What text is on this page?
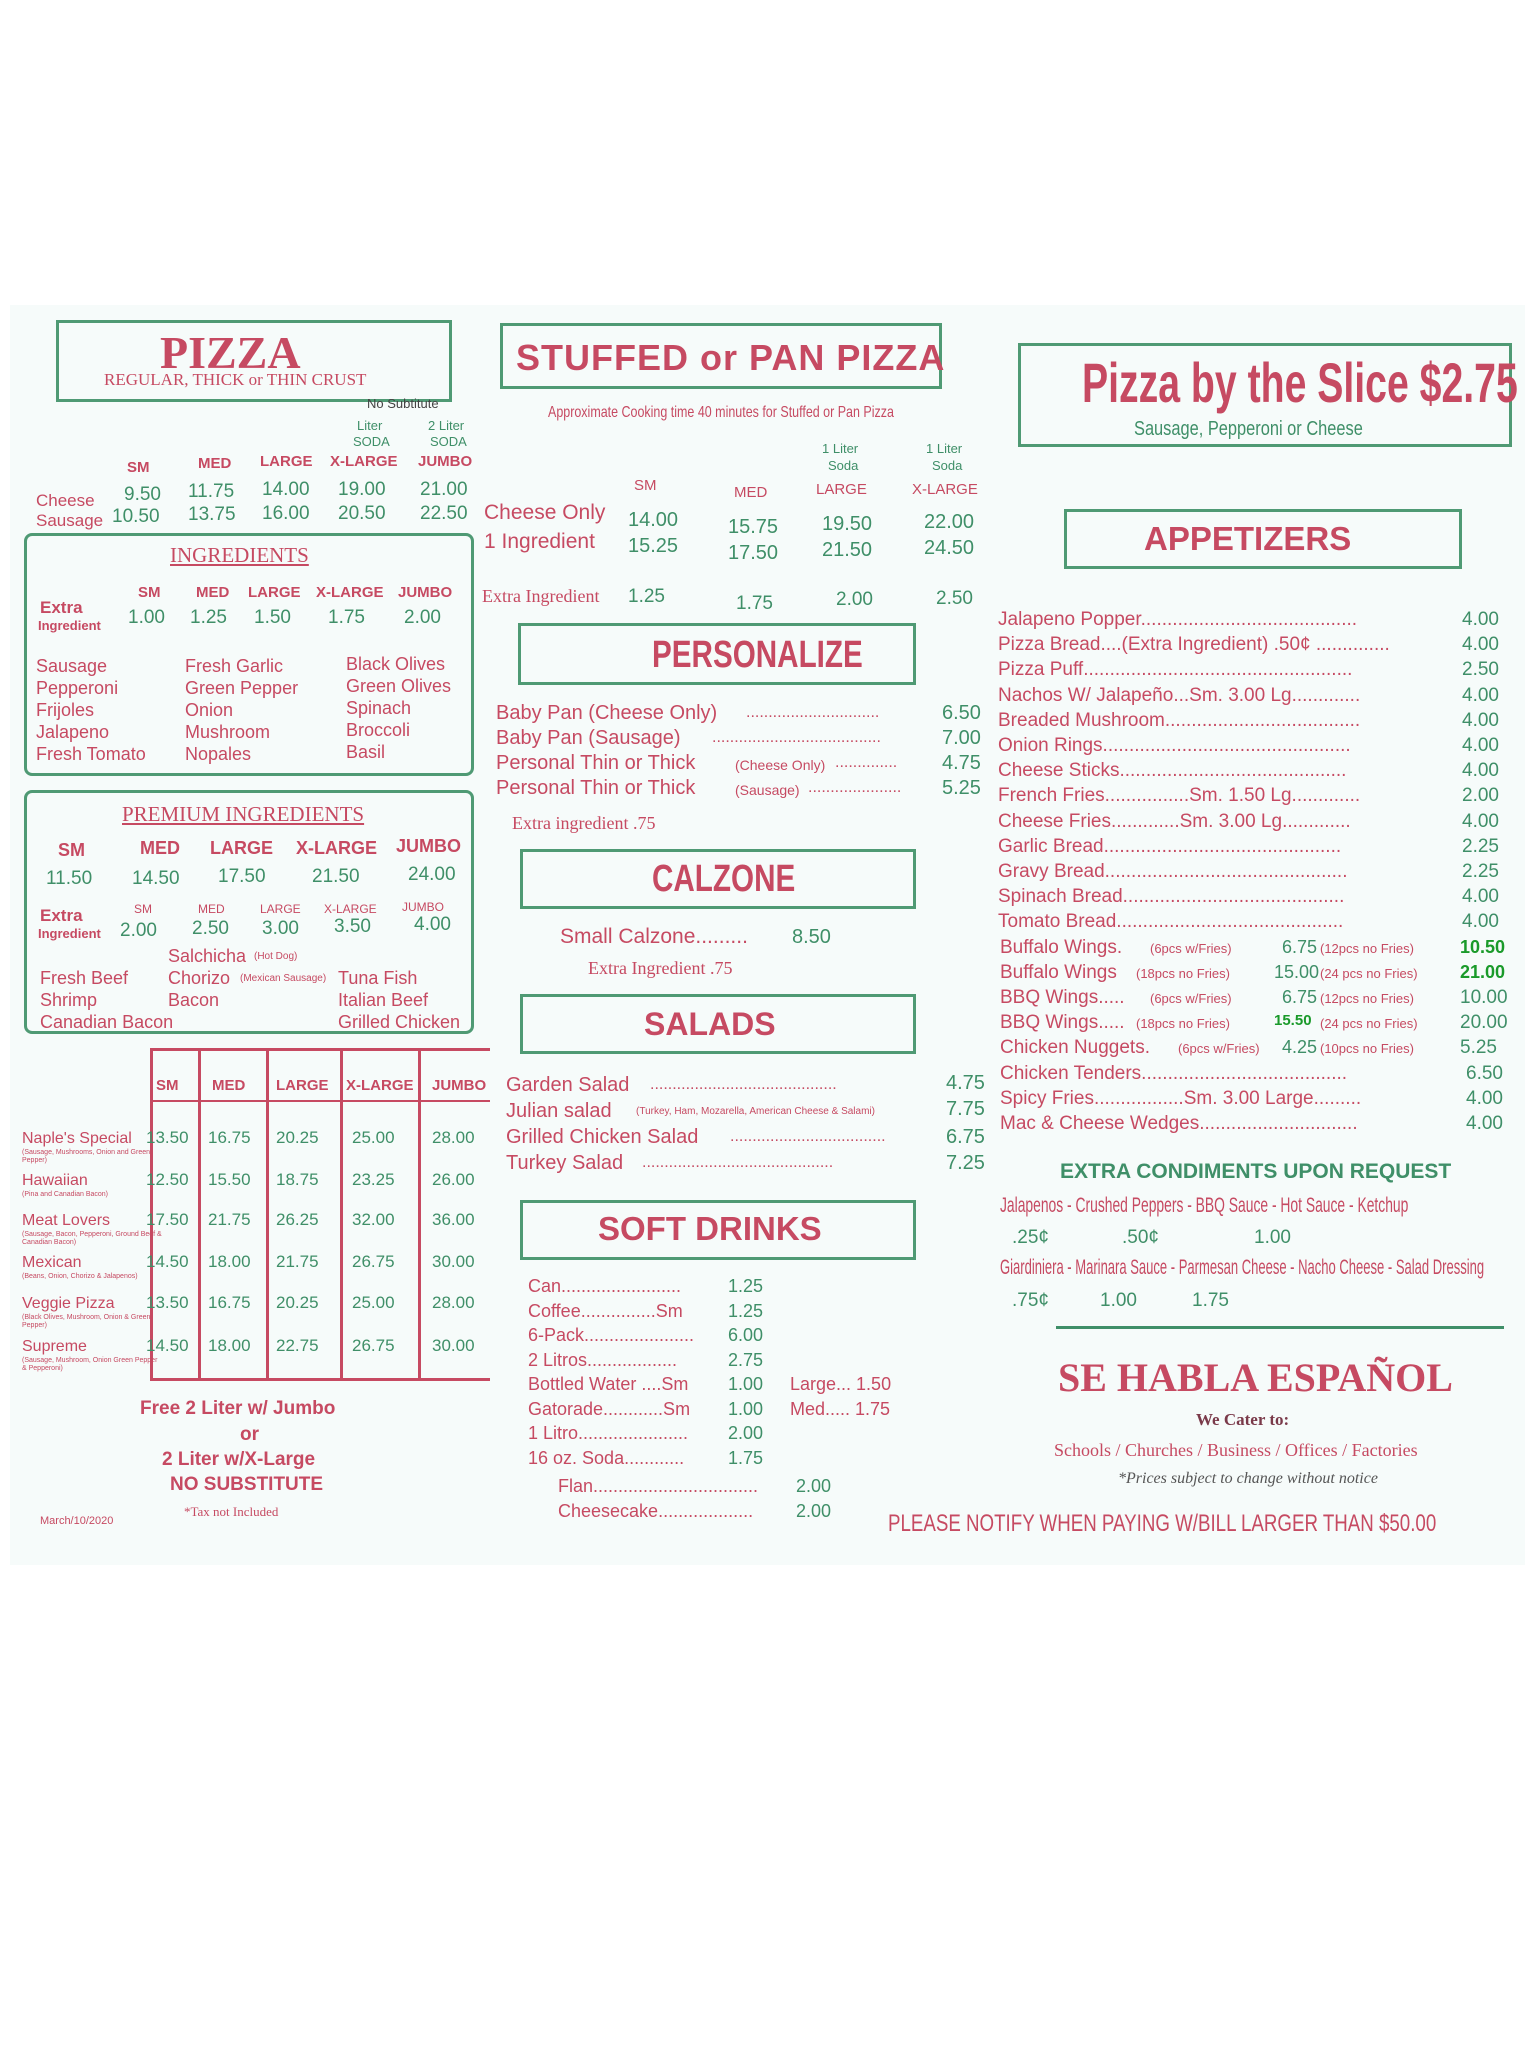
PIZZA
REGULAR, THICK or THIN CRUST
No Subtitute
Liter
SODA
2 Liter
SODA
SM	MED LARGE X-LARGE JUMBO
Cheese 9.50 11.75 14.00 19.00 21.00
Sausage 10.50 13.75 16.00 20.50 22.50
INGREDIENTS
SM MED LARGE X-LARGE JUMBO
Extra
Ingredient 1.00 1.25 1.50 1.75 2.00
Sausage
Pepperoni
Frijoles
Jalapeno
Fresh Tomato
Fresh Garlic
Green Pepper
Onion
Mushroom
Nopales
Black Olives
Green Olives
Spinach
Broccoli
Basil
PREMIUM INGREDIENTS
SM	MED LARGE X-LARGE JUMBO
11.50 14.50 17.50 21.50	24.00
Extra
Ingredient
SM	MED	LARGE X-LARGE JUMBO
2.00 2.50 3.00 3.50 4.00
Salchicha (Hot Dog)
Fresh Beef
Shrimp
Canadian Bacon
Chorizo (Mexican Sausage)
Bacon
Tuna Fish
Italian Beef
Grilled Chicken
SM MED LARGE X-LARGE JUMBO
Naple's Special
(Sausage, Mushrooms, Onion and Green Pepper)
13.50 16.75 20.25 25.00 28.00
Hawaiian
(Pina and Canadian Bacon)
12.50 15.50 18.75 23.25 26.00
Meat Lovers
(Sausage, Bacon, Pepperoni, Ground Beef & Canadian Bacon)
17.50 21.75 26.25 32.00 36.00
Mexican
(Beans, Onion, Chorizo & Jalapenos)
14.50 18.00 21.75 26.75 30.00
Veggie Pizza
(Black Olives, Mushroom, Onion & Green Pepper)
13.50 16.75 20.25 25.00 28.00
Supreme
(Sausage, Mushroom, Onion Green Pepper & Pepperoni)
14.50 18.00 22.75 26.75 30.00
Free 2 Liter w/ Jumbo
or
2 Liter w/X-Large
NO SUBSTITUTE
*Tax not Included
March/10/2020
STUFFED or PAN PIZZA
Approximate Cooking time 40 minutes for Stuffed or Pan Pizza
1 Liter
Soda
1 Liter
Soda
SM	MED	LARGE	X-LARGE
Cheese Only 14.00 15.75 19.50	22.00
1 Ingredient 15.25 17.50 21.50	24.50
Extra Ingredient 1.25	1.75	2.00	2.50
PERSONALIZE
Baby Pan (Cheese Only) ..............................	6.50
Baby Pan (Sausage) ......................................	7.00
Personal Thin or Thick	(Cheese Only) .............. 4.75
Personal Thin or Thick	(Sausage) ..................... 5.25
Extra ingredient .75
CALZONE
Small Calzone......... 8.50
Extra Ingredient .75
SALADS
Garden Salad ..........................................	4.75
Julian salad (Turkey, Ham, Mozarella, American Cheese & Salami)	7.75
Grilled Chicken Salad ...................................	6.75
Turkey Salad ...........................................	7.25
SOFT DRINKS
Can........................	1.25
Coffee...............Sm	1.25
6-Pack...................... 6.00
2 Litros..................	2.75
Bottled Water ....Sm 1.00 Large... 1.50
Gatorade............Sm 1.00 Med..... 1.75
1 Litro...................... 2.00
16 oz. Soda............ 1.75
Flan................................. 2.00
Cheesecake................... 2.00
Pizza by the Slice $2.75
Sausage, Pepperoni or Cheese
APPETIZERS
Jalapeno Popper.........................................	4.00
Pizza Bread....(Extra Ingredient) .50¢ ..............	4.00
Pizza Puff...................................................	2.50
Nachos W/ Jalapeño...Sm. 3.00 Lg.............	4.00
Breaded Mushroom.....................................	4.00
Onion Rings...............................................	4.00
Cheese Sticks...........................................	4.00
French Fries................Sm. 1.50 Lg.............	2.00
Cheese Fries.............Sm. 3.00 Lg.............	4.00
Garlic Bread.............................................	2.25
Gravy Bread..............................................	2.25
Spinach Bread..........................................	4.00
Tomato Bread...........................................	4.00
Buffalo Wings. (6pcs w/Fries)	6.75 (12pcs no Fries)	10.50
Buffalo Wings (18pcs no Fries) 15.00 (24 pcs no Fries) 21.00
BBQ Wings..... (6pcs w/Fries)	6.75 (12pcs no Fries) 10.00
BBQ Wings..... (18pcs no Fries)	15.50 (24 pcs no Fries) 20.00
Chicken Nuggets. (6pcs w/Fries) 4.25 (10pcs no Fries) 5.25
Chicken Tenders.......................................	6.50
Spicy Fries.................Sm. 3.00 Large.........	4.00
Mac & Cheese Wedges..............................	4.00
EXTRA CONDIMENTS UPON REQUEST
Jalapenos - Crushed Peppers - BBQ Sauce - Hot Sauce - Ketchup
.25¢	.50¢	1.00
Giardiniera - Marinara Sauce - Parmesan Cheese - Nacho Cheese - Salad Dressing
.75¢	1.00	1.75
SE HABLA ESPAÑOL
We Cater to:
Schools / Churches / Business / Offices / Factories
*Prices subject to change without notice
PLEASE NOTIFY WHEN PAYING W/BILL LARGER THAN $50.00
